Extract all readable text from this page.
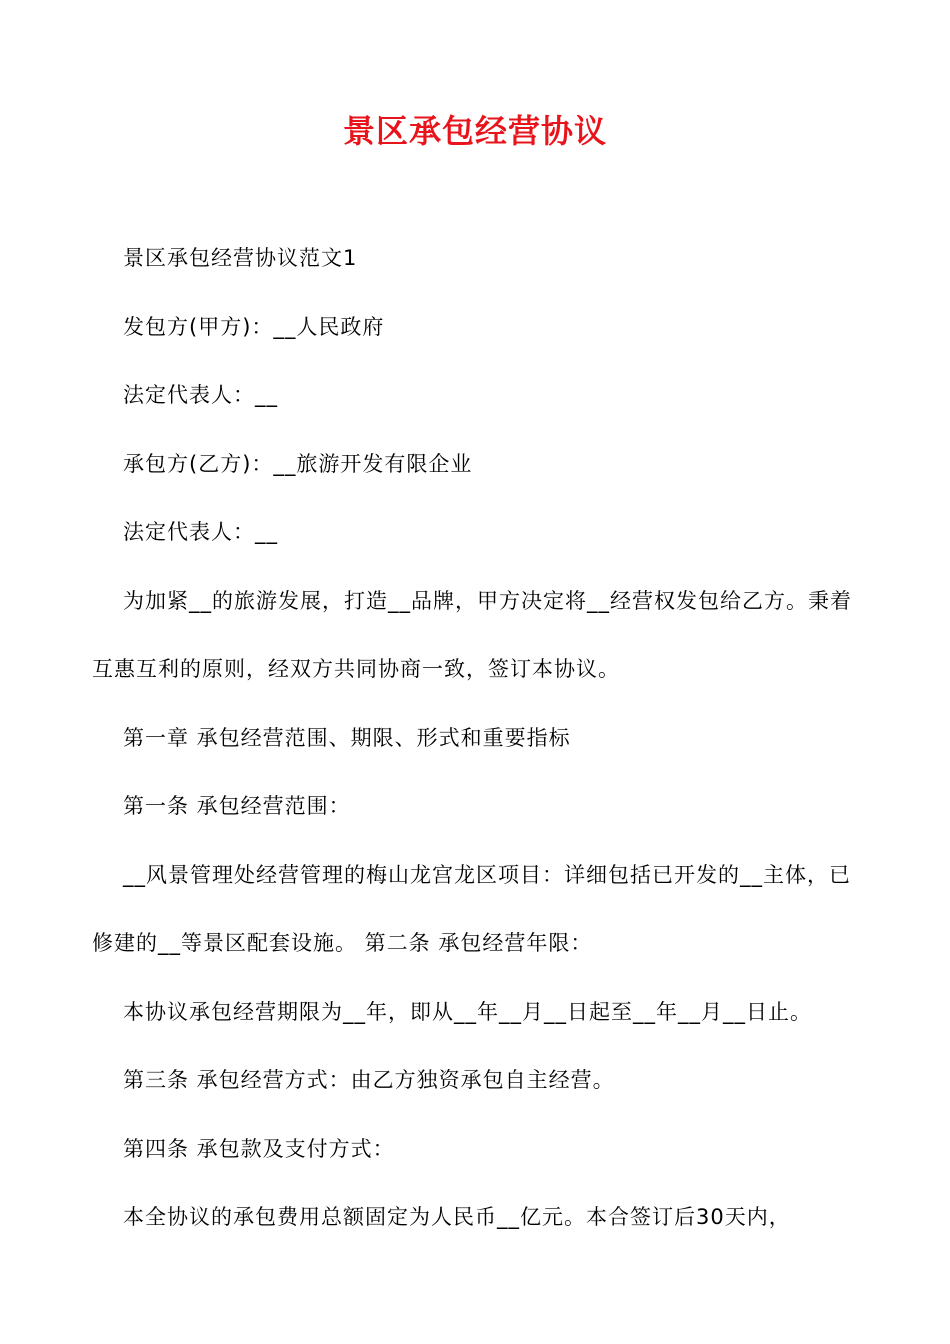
景区承包经营协议

景区承包经营协议范文1

发包方(甲方)：__人民政府

法定代表人：__

承包方(乙方)：__旅游开发有限企业

法定代表人：__

为加紧__的旅游发展，打造__品牌，甲方决定将__经营权发包给乙方。秉着互惠互利的原则，经双方共同协商一致，签订本协议。

第一章 承包经营范围、期限、形式和重要指标

第一条 承包经营范围：

__风景管理处经营管理的梅山龙宫龙区项目：详细包括已开发的__主体，已修建的__等景区配套设施。 第二条 承包经营年限：

本协议承包经营期限为__年，即从__年__月__日起至__年__月__日止。

第三条 承包经营方式：由乙方独资承包自主经营。

第四条 承包款及支付方式：

本全协议的承包费用总额固定为人民币__亿元。本合签订后30天内，
